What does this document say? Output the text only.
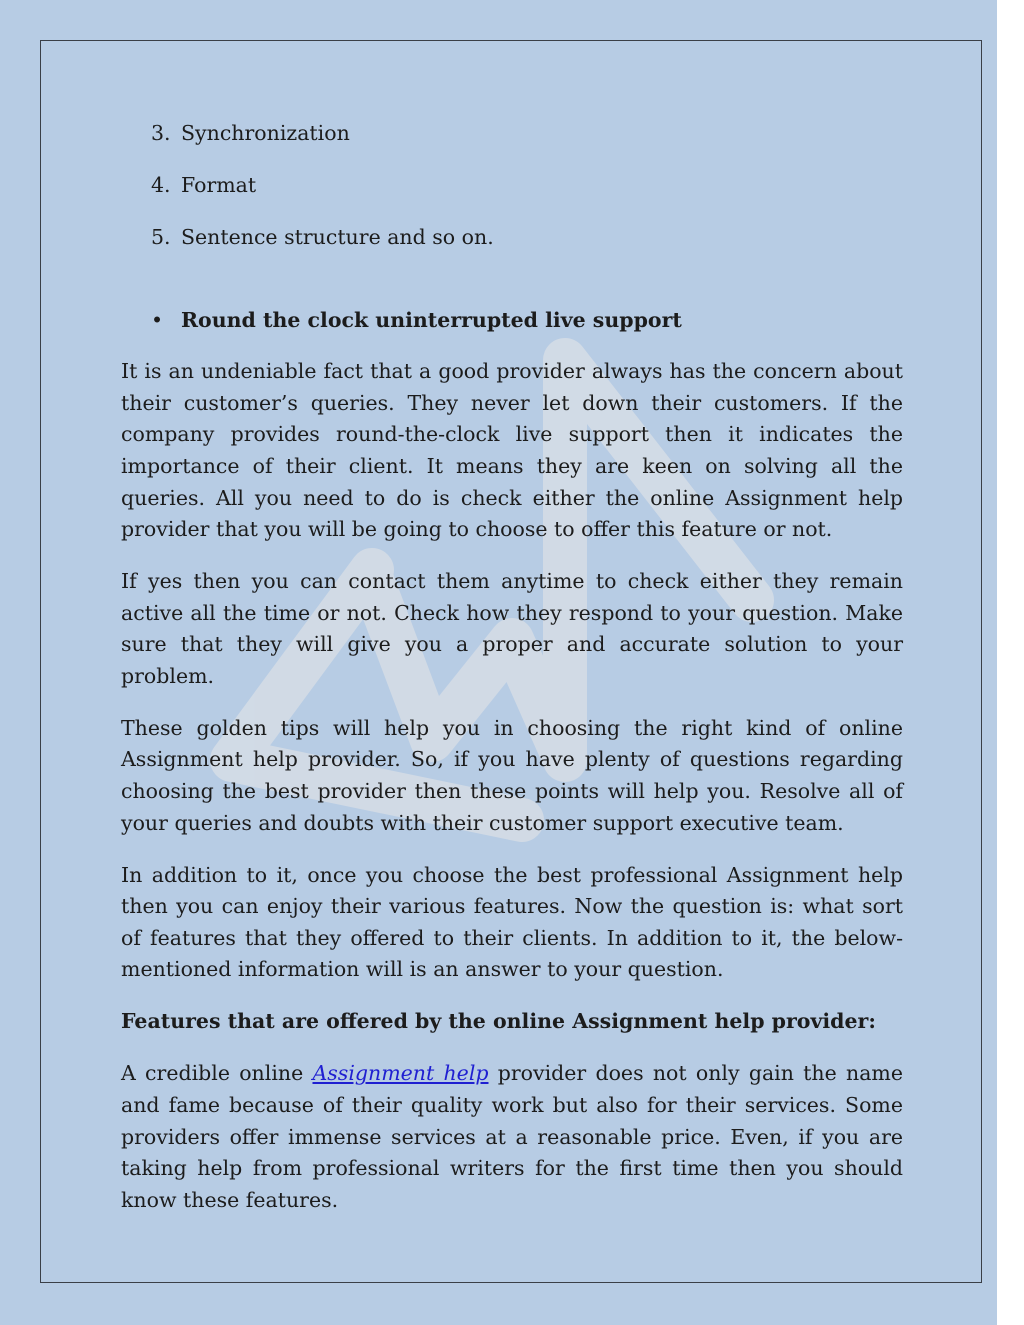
3. Synchronization
4. Format
5. Sentence structure and so on.
• Round the clock uninterrupted live support

It is an undeniable fact that a good provider always has the concern about their customer’s queries. They never let down their customers. If the company provides round-the-clock live support then it indicates the importance of their client. It means they are keen on solving all the queries. All you need to do is check either the online Assignment help provider that you will be going to choose to offer this feature or not.

If yes then you can contact them anytime to check either they remain active all the time or not. Check how they respond to your question. Make sure that they will give you a proper and accurate solution to your problem.

These golden tips will help you in choosing the right kind of online Assignment help provider. So, if you have plenty of questions regarding choosing the best provider then these points will help you. Resolve all of your queries and doubts with their customer support executive team.

In addition to it, once you choose the best professional Assignment help then you can enjoy their various features. Now the question is: what sort of features that they offered to their clients. In addition to it, the below-mentioned information will is an answer to your question.

Features that are offered by the online Assignment help provider:

A credible online Assignment help provider does not only gain the name and fame because of their quality work but also for their services. Some providers offer immense services at a reasonable price. Even, if you are taking help from professional writers for the first time then you should know these features.
